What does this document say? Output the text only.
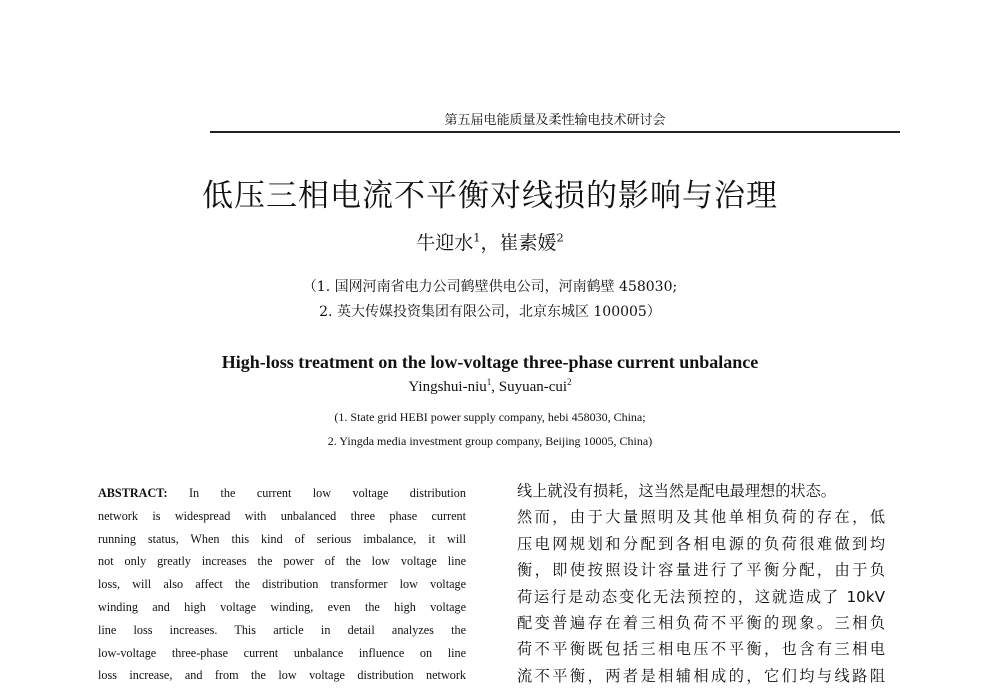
第五届电能质量及柔性输电技术研讨会
低压三相电流不平衡对线损的影响与治理
牛迎水$^1$，崔素媛$^2$
（1. 国网河南省电力公司鹤壁供电公司，河南鹤壁 458030;
2. 英大传媒投资集团有限公司，北京东城区 100005）
High-loss treatment on the low-voltage three-phase current unbalance
Yingshui-niu$^1$, Suyuan-cui$^2$
(1. State grid HEBI power supply company, hebi 458030, China;
2. Yingda media investment group company, Beijing 10005, China)
ABSTRACT: In the current low voltage distribution
network is widespread with unbalanced three phase current
running status, When this kind of serious imbalance, it will
not only greatly increases the power of the low voltage line
loss, will also affect the distribution transformer low voltage
winding and high voltage winding, even the high voltage
line loss increases. This article in detail analyzes the
low-voltage three-phase current unbalance influence on line
loss increase, and from the low voltage distribution network
线上就没有损耗，这当然是配电最理想的状态。
然而，由于大量照明及其他单相负荷的存在，低
压电网规划和分配到各相电源的负荷很难做到均
衡，即使按照设计容量进行了平衡分配，由于负
荷运行是动态变化无法预控的，这就造成了 10kV
配变普遍存在着三相负荷不平衡的现象。三相负
荷不平衡既包括三相电压不平衡，也含有三相电
流不平衡，两者是相辅相成的，它们均与线路阻
